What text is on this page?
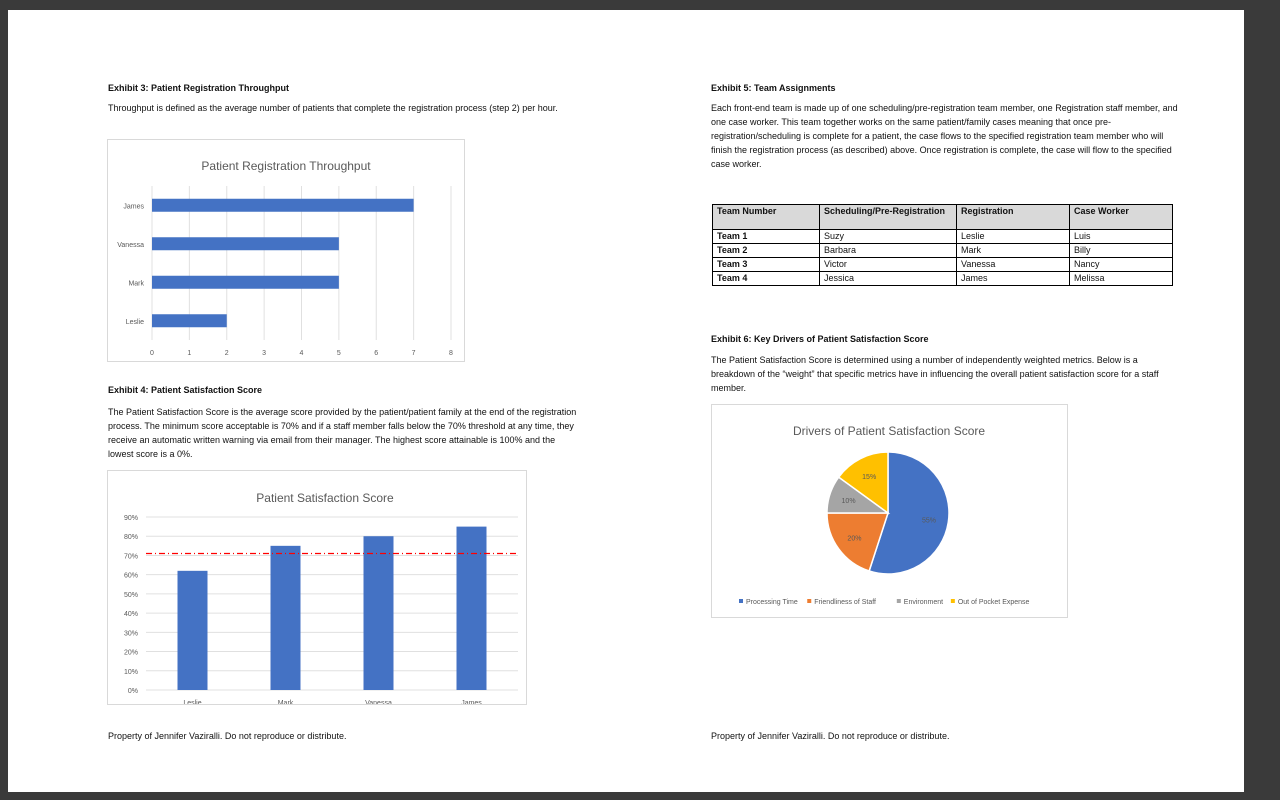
Exhibit 3: Patient Registration Throughput
Throughput is defined as the average number of patients that complete the registration process (step 2) per hour.
Patient Registration Throughput
0	1	2	3	4	5	6	7	8
James
Vanessa
Mark
Leslie
Exhibit 4: Patient Satisfaction Score
The Patient Satisfaction Score is the average score provided by the patient/patient family at the end of the registration process. The minimum score acceptable is 70% and if a staff member falls below the 70% threshold at any time, they receive an automatic written warning via email from their manager. The highest score attainable is 100% and the lowest score is a 0%.
Patient Satisfaction Score
0%
10%
20%
30%
40%
50%
60%
70%
80%
90%
Leslie	Mark	Vanessa	James
Property of Jennifer Vaziralli. Do not reproduce or distribute.
Exhibit 5: Team Assignments
Each front-end team is made up of one scheduling/pre-registration team member, one Registration staff member, and one case worker. This team together works on the same patient/family cases meaning that once pre-registration/scheduling is complete for a patient, the case flows to the specified registration team member who will finish the registration process (as described) above. Once registration is complete, the case will flow to the specified case worker.
Team Number	Scheduling/Pre-Registration	Registration	Case Worker
Team 1	Suzy	Leslie	Luis
Team 2	Barbara	Mark	Billy
Team 3	Victor	Vanessa	Nancy
Team 4	Jessica	James	Melissa
Exhibit 6: Key Drivers of Patient Satisfaction Score
The Patient Satisfaction Score is determined using a number of independently weighted metrics. Below is a breakdown of the “weight” that specific metrics have in influencing the overall patient satisfaction score for a staff member.
Drivers of Patient Satisfaction Score
55%
20%
10%
15%
Processing Time Friendliness of Staff	Environment Out of Pocket Expense
Property of Jennifer Vaziralli. Do not reproduce or distribute.
